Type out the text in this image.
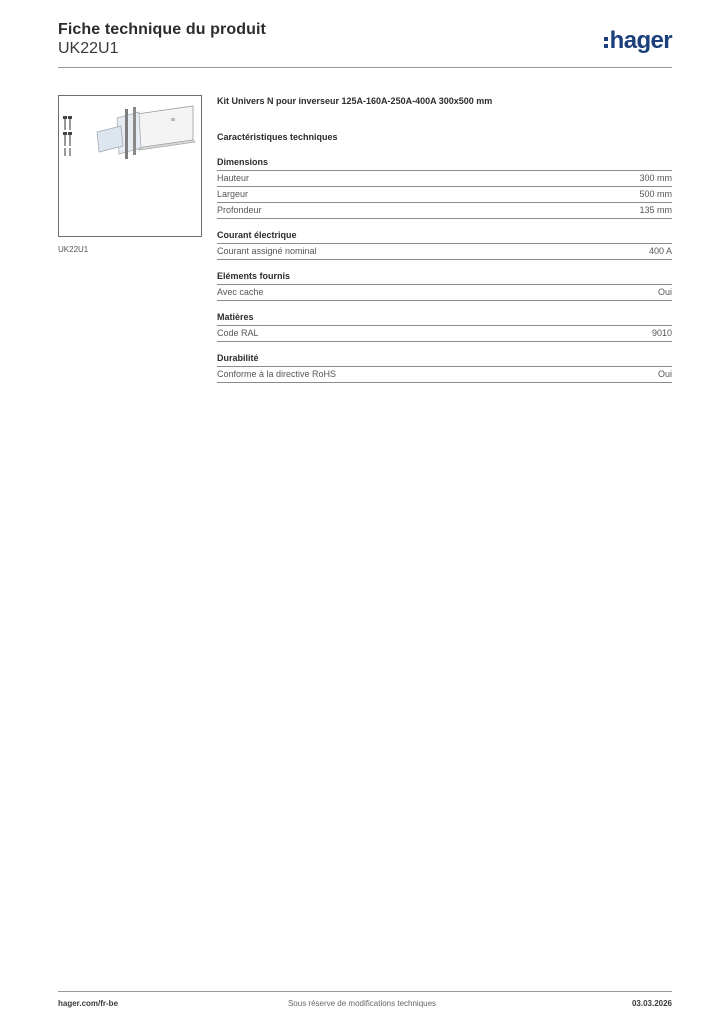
Fiche technique du produit
UK22U1	hager
UK22U1
Kit Univers N pour inverseur 125A-160A-250A-400A 300x500 mm
Caractéristiques techniques
Dimensions
Hauteur	300 mm
Largeur	500 mm
Profondeur	135 mm
Courant électrique
Courant assigné nominal	400 A
Eléments fournis
Avec cache	Oui
Matières
Code RAL	9010
Durabilité
Conforme à la directive RoHS	Oui
hager.com/fr-be	Sous réserve de modifications techniques	03.03.2026
